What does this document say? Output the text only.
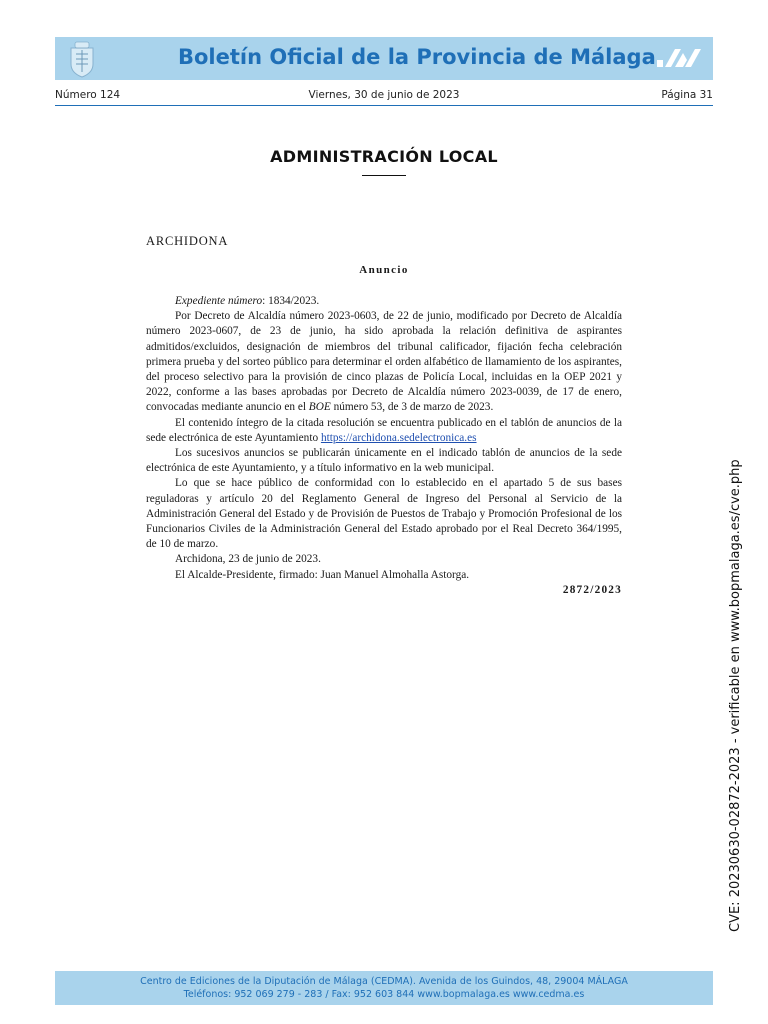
Boletín Oficial de la Provincia de Málaga
Número 124	Viernes, 30 de junio de 2023	Página 31
ADMINISTRACIÓN LOCAL
ARCHIDONA
Anuncio

Expediente número: 1834/2023.

Por Decreto de Alcaldía número 2023-0603, de 22 de junio, modificado por Decreto de Alcaldía número 2023-0607, de 23 de junio, ha sido aprobada la relación definitiva de aspirantes admitidos/excluidos, designación de miembros del tribunal calificador, fijación fecha celebración primera prueba y del sorteo público para determinar el orden alfabético de llamamiento de los aspirantes, del proceso selectivo para la provisión de cinco plazas de Policía Local, incluidas en la OEP 2021 y 2022, conforme a las bases aprobadas por Decreto de Alcaldía número 2023-0039, de 17 de enero, convocadas mediante anuncio en el BOE número 53, de 3 de marzo de 2023.

El contenido íntegro de la citada resolución se encuentra publicado en el tablón de anuncios de la sede electrónica de este Ayuntamiento https://archidona.sedelectronica.es

Los sucesivos anuncios se publicarán únicamente en el indicado tablón de anuncios de la sede electrónica de este Ayuntamiento, y a título informativo en la web municipal.

Lo que se hace público de conformidad con lo establecido en el apartado 5 de sus bases reguladoras y artículo 20 del Reglamento General de Ingreso del Personal al Servicio de la Administración General del Estado y de Provisión de Puestos de Trabajo y Promoción Profesional de los Funcionarios Civiles de la Administración General del Estado aprobado por el Real Decreto 364/1995, de 10 de marzo.

Archidona, 23 de junio de 2023.

El Alcalde-Presidente, firmado: Juan Manuel Almohalla Astorga.

2872/2023	CVE: 20230630-02872-2023 - verificable en www.bopmalaga.es/cve.php
Centro de Ediciones de la Diputación de Málaga (CEDMA). Avenida de los Guindos, 48, 29004 MÁLAGA
Teléfonos: 952 069 279 - 283 / Fax: 952 603 844 www.bopmalaga.es www.cedma.es
